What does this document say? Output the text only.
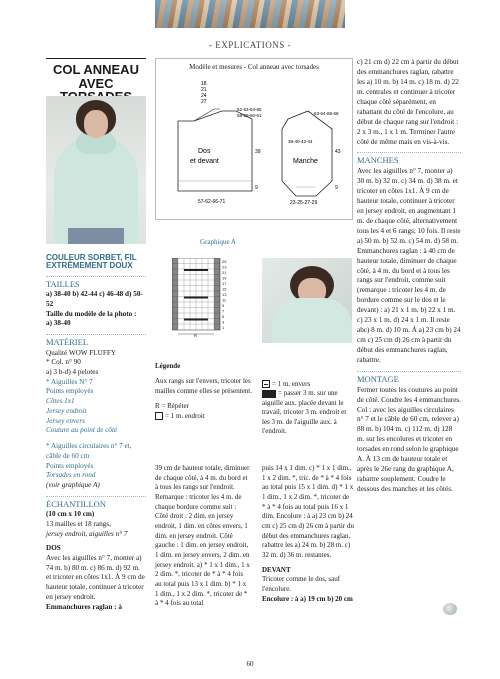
- EXPLICATIONS -
COL ANNEAU
AVEC
COULEUR SORBET, FIL EXTRÊMEMENT DOUX

TAILLES

a) 38-40 b) 42-44 c) 46-48 d) 50-52

Taille du modèle de la photo :

a) 38-40

MATÉRIEL

Qualité WOW FLUFFY

* Col. n° 90

a) 3 b-d) 4 pelotes

* Aiguilles N° 7

Points employés

Côtes 1x1

Jersey endroit

Jersey envers

Couture au point de côté

* Aiguilles circulaires n° 7 et, câble de 60 cm

Points employés

Torsades en rond

(voir graphique A)

ÉCHANTILLON

(10 cm x 10 cm)

13 mailles et 18 rangs,

jersey endroit, aiguilles n° 7

DOS

Avec les aiguilles n° 7, monter a) 74 m. b) 80 m. c) 86 m. d) 92 m. et tricoter en côtes 1x1. À 9 cm de hauteur totale, continuer à tricoter en jersey endroit.

Emmanchures raglan : à

Modèle et mesures - Col anneau avec torsades
18 21 24 27
62-63-64-65
58-59-60-61
Dos
et devant
39
9
57-62-66-71
63-64-65-66
38-40-42-44
Manche
43
9
23-25-27-29
Graphique A
25
23
21
19
17
15
13
11
9
7
5
3
1
R

Légende

Aux rangs sur l'envers, tricoter les mailles comme elles se présentent.

R = Répéter

= 1 m. endroit

= 1 m. envers

= passer 3 m. sur une aiguille aux. placée devant le travail, tricoter 3 m. endroit et les 3 m. de l'aiguille aux. à l'endroit.

39 cm de hauteur totale, diminuer de chaque côté, à 4 m. du bord et à tous les rangs sur l'endroit. Remarque : tricoter les 4 m. de chaque bordure comme suit : Côté droit : 2 dim. en jersey endroit, 1 dim. en côtes envers, 1 dim. en jersey endroit. Côté gauche : 1 dim. en jersey endroit, 1 dim. en jersey envers, 2 dim. en jersey endroit. a) * 1 x 1 dim., 1 x 2 dim. *, tricoter de * à * 4 fois au total puis 13 x 1 dim. b) * 1 x 1 dim., 1 x 2 dim. *, tricoter de * à * 4 fois au total

puis 14 x 1 dim. c) * 1 x 1 dim., 1 x 2 dim. *, tric. de * à * 4 fois au total puis 15 x 1 dim. d) * 1 x 1 dim., 1 x 2 dim. *, tricoter de * à * 4 fois au total puis 16 x 1 dim. Encolure : à a) 23 cm b) 24 cm c) 25 cm d) 26 cm à partir du début des emmanchures raglan, rabattre les a) 24 m. b) 28 m. c) 32 m. d) 36 m. restantes.

DEVANT

Tricoter comme le dos, sauf l'encolure.

Encolure : à a) 19 cm b) 20 cm

c) 21 cm d) 22 cm à partir du début des emmanchures raglan, rabattre les a) 10 m. b) 14 m. c) 18 m. d) 22 m. centrales et continuer à tricoter chaque côté séparément, en rabattant du côté de l'encolure, au début de chaque rang sur l'endroit : 2 x 3 m., 1 x 1 m. Terminer l'autre côté de même mais en vis-à-vis.

MANCHES

Avec les aiguilles n° 7, monter a) 30 m. b) 32 m. c) 34 m. d) 38 m. et tricoter en côtes 1x1. À 9 cm de hauteur totale, continuer à tricoter en jersey endroit, en augmentant 1 m. de chaque côté, alternativement tous les 4 et 6 rangs, 10 fois. Il reste a) 50 m. b) 52 m. c) 54 m. d) 58 m. Emmanchures raglan : à 40 cm de hauteur totale, diminuer de chaque côté, à 4 m. du bord et à tous les rangs sur l'endroit, comme suit (remarque : tricoter les 4 m. de bordure comme sur le dos et le devant) : a) 21 x 1 m. b) 22 x 1 m. c) 23 x 1 m. d) 24 x 1 m. Il reste abc) 8 m. d) 10 m. À a) 23 cm b) 24 cm c) 25 cm d) 26 cm à partir du début des emmanchures raglan, rabattre.

MONTAGE

Fermer toutes les coutures au point de côté. Coudre les 4 emmanchures. Col : avec les aiguilles circulaires n° 7 et le câble de 60 cm, relever a) 88 m. b) 104 m. c) 112 m. d) 128 m. sur les encolures et tricoter en torsades en rond selon le graphique A. À 13 cm de hauteur totale et après le 26e rang du graphique A, rabattre souplement. Coudre le dessous des manches et les côtés.

60
